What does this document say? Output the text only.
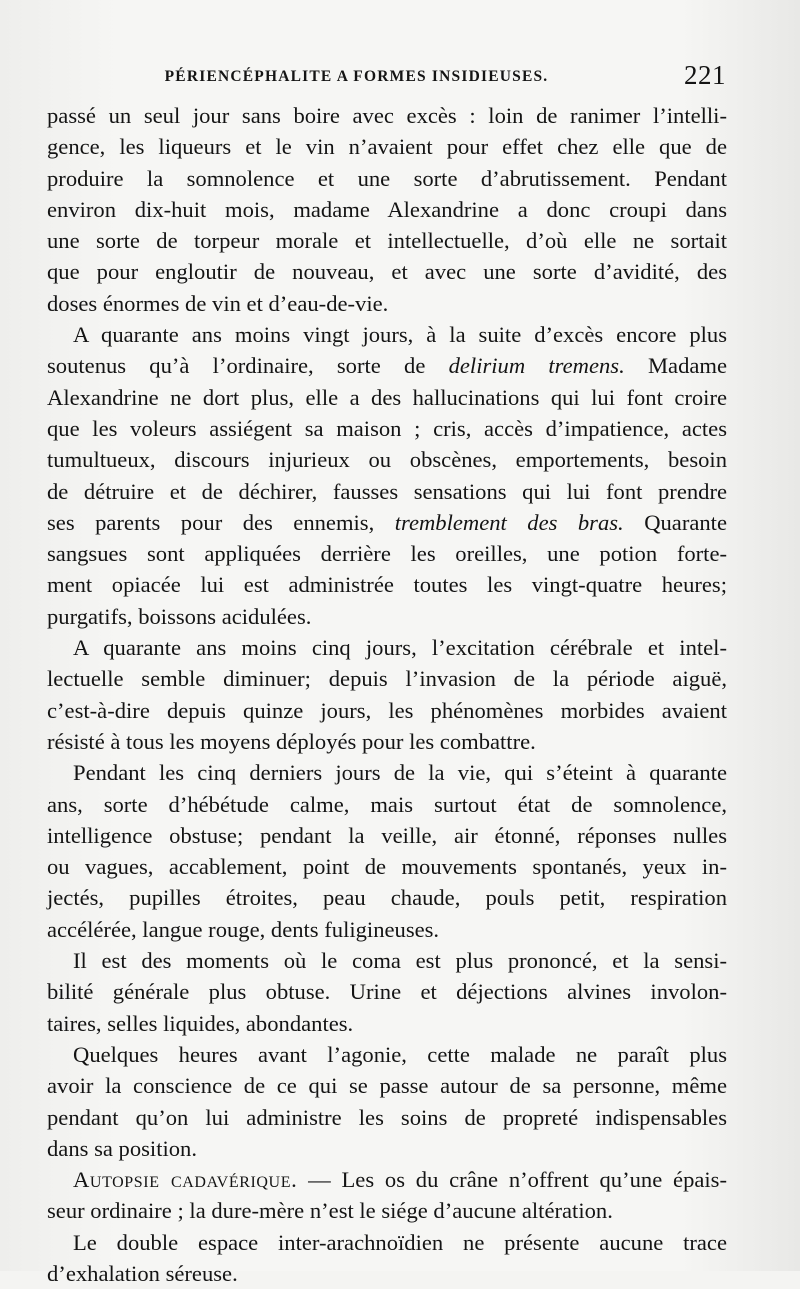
PÉRIENCÉPHALITE A FORMES INSIDIEUSES.	221

passé un seul jour sans boire avec excès : loin de ranimer l’intelli-
gence, les liqueurs et le vin n’avaient pour effet chez elle que de
produire la somnolence et une sorte d’abrutissement. Pendant
environ dix-huit mois, madame Alexandrine a donc croupi dans
une sorte de torpeur morale et intellectuelle, d’où elle ne sortait
que pour engloutir de nouveau, et avec une sorte d’avidité, des
doses énormes de vin et d’eau-de-vie.

A quarante ans moins vingt jours, à la suite d’excès encore plus
soutenus qu’à l’ordinaire, sorte de delirium tremens. Madame
Alexandrine ne dort plus, elle a des hallucinations qui lui font croire
que les voleurs assiégent sa maison ; cris, accès d’impatience, actes
tumultueux, discours injurieux ou obscènes, emportements, besoin
de détruire et de déchirer, fausses sensations qui lui font prendre
ses parents pour des ennemis, tremblement des bras. Quarante
sangsues sont appliquées derrière les oreilles, une potion forte-
ment opiacée lui est administrée toutes les vingt-quatre heures;
purgatifs, boissons acidulées.

A quarante ans moins cinq jours, l’excitation cérébrale et intel-
lectuelle semble diminuer; depuis l’invasion de la période aiguë,
c’est-à-dire depuis quinze jours, les phénomènes morbides avaient
résisté à tous les moyens déployés pour les combattre.

Pendant les cinq derniers jours de la vie, qui s’éteint à quarante
ans, sorte d’hébétude calme, mais surtout état de somnolence,
intelligence obstuse; pendant la veille, air étonné, réponses nulles
ou vagues, accablement, point de mouvements spontanés, yeux in-
jectés, pupilles étroites, peau chaude, pouls petit, respiration
accélérée, langue rouge, dents fuligineuses.

Il est des moments où le coma est plus prononcé, et la sensi-
bilité générale plus obtuse. Urine et déjections alvines involon-
taires, selles liquides, abondantes.

Quelques heures avant l’agonie, cette malade ne paraît plus
avoir la conscience de ce qui se passe autour de sa personne, même
pendant qu’on lui administre les soins de propreté indispensables
dans sa position.

Autopsie cadavérique. — Les os du crâne n’offrent qu’une épais-
seur ordinaire ; la dure-mère n’est le siége d’aucune altération.

Le double espace inter-arachnoïdien ne présente aucune trace
d’exhalation séreuse.
